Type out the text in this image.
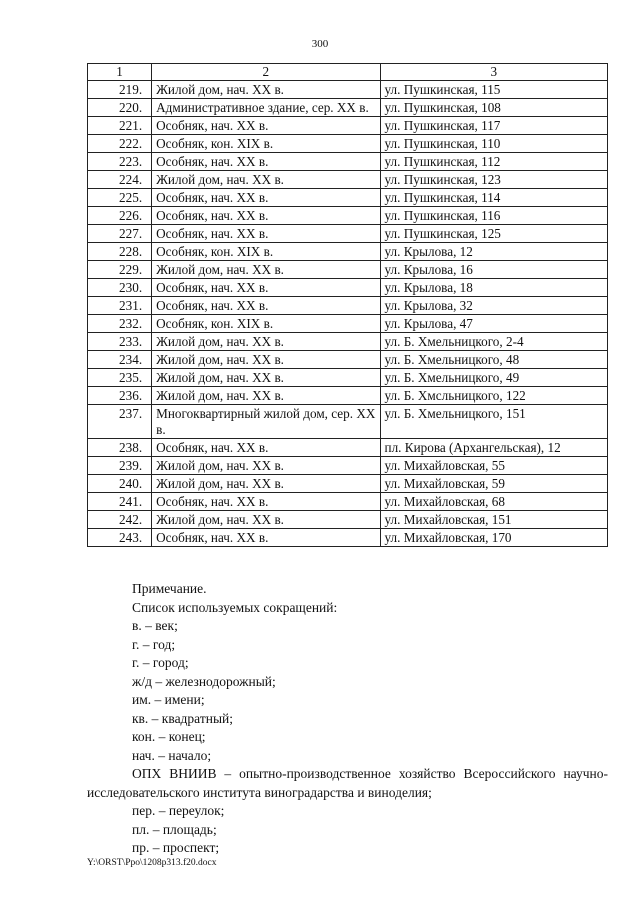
300
1	2	3
219.	Жилой дом, нач. XX в.	ул. Пушкинская, 115
220.	Административное здание, сер. XX в.	ул. Пушкинская, 108
221.	Особняк, нач. XX в.	ул. Пушкинская, 117
222.	Особняк, кон. XIX в.	ул. Пушкинская, 110
223.	Особняк, нач. XX в.	ул. Пушкинская, 112
224.	Жилой дом, нач. XX в.	ул. Пушкинская, 123
225.	Особняк, нач. XX в.	ул. Пушкинская, 114
226.	Особняк, нач. XX в.	ул. Пушкинская, 116
227.	Особняк, нач. XX в.	ул. Пушкинская, 125
228.	Особняк, кон. XIX в.	ул. Крылова, 12
229.	Жилой дом, нач. XX в.	ул. Крылова, 16
230.	Особняк, нач. XX в.	ул. Крылова, 18
231.	Особняк, нач. XX в.	ул. Крылова, 32
232.	Особняк, кон. XIX в.	ул. Крылова, 47
233.	Жилой дом, нач. XX в.	ул. Б. Хмельницкого, 2-4
234.	Жилой дом, нач. XX в.	ул. Б. Хмельницкого, 48
235.	Жилой дом, нач. XX в.	ул. Б. Хмельницкого, 49
236.	Жилой дом, нач. XX в.	ул. Б. Хмсльницкого, 122
237.	Многоквартирный жилой дом, сер. XX в.	ул. Б. Хмельницкого, 151
238.	Особняк, нач. XX в.	пл. Кирова (Архангельская), 12
239.	Жилой дом, нач. XX в.	ул. Михайловская, 55
240.	Жилой дом, нач. XX в.	ул. Михайловская, 59
241.	Особняк, нач. XX в.	ул. Михайловская, 68
242.	Жилой дом, нач. XX в.	ул. Михайловская, 151
243.	Особняк, нач. XX в.	ул. Михайловская, 170
Примечание.
Список используемых сокращений:
в. – век;
г. – год;
г. – город;
ж/д – железнодорожный;
им. – имени;
кв. – квадратный;
кон. – конец;
нач. – начало;
ОПХ ВНИИВ – опытно-производственное хозяйство Всероссийского научно-исследовательского института виноградарства и виноделия;
пер. – переулок;
пл. – площадь;
пр. – проспект;
Y:\ORST\Ppo\1208p313.f20.docx
